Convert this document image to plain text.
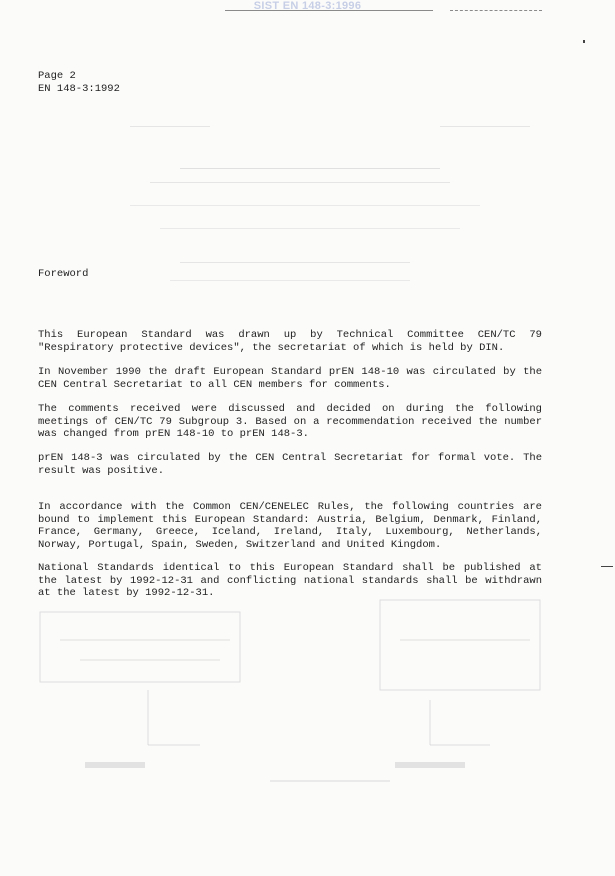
SIST EN 148-3:1996
Page 2
EN 148-3:1992
Foreword
This European Standard was drawn up by Technical Committee CEN/TC 79 "Respiratory protective devices", the secretariat of which is held by DIN.
In November 1990 the draft European Standard prEN 148-10 was circulated by the CEN Central Secretariat to all CEN members for comments.
The comments received were discussed and decided on during the following meetings of CEN/TC 79 Subgroup 3. Based on a recommendation received the number was changed from prEN 148-10 to prEN 148-3.
prEN 148-3 was circulated by the CEN Central Secretariat for formal vote. The result was positive.
In accordance with the Common CEN/CENELEC Rules, the following countries are bound to implement this European Standard: Austria, Belgium, Denmark, Finland, France, Germany, Greece, Iceland, Ireland, Italy, Luxembourg, Netherlands, Norway, Portugal, Spain, Sweden, Switzerland and United Kingdom.
National Standards identical to this European Standard shall be published at the latest by 1992-12-31 and conflicting national standards shall be withdrawn at the latest by 1992-12-31.
